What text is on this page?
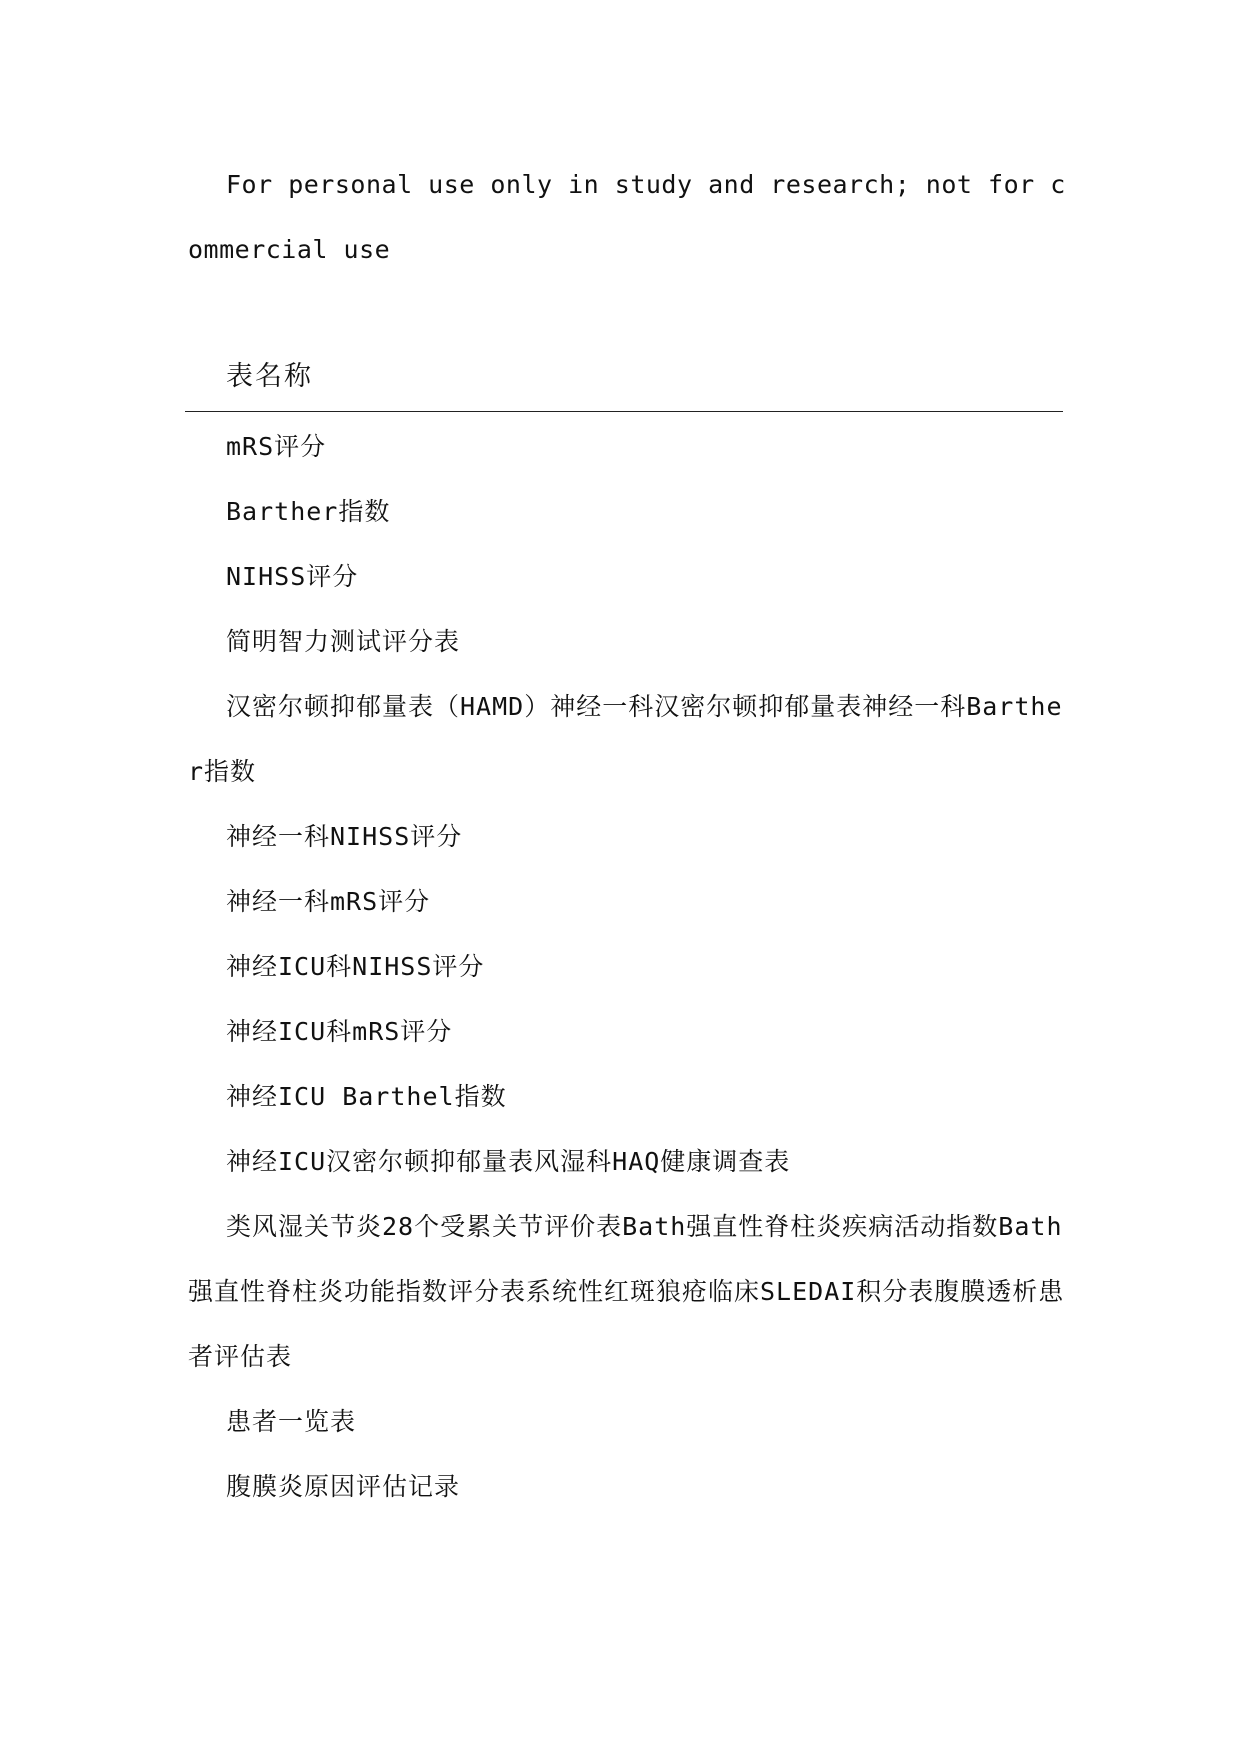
For personal use only in study and research; not for commercial use

表名称

mRS评分
Barther指数
NIHSS评分
简明智力测试评分表
汉密尔顿抑郁量表（HAMD）神经一科汉密尔顿抑郁量表神经一科Barther指数
神经一科NIHSS评分
神经一科mRS评分
神经ICU科NIHSS评分
神经ICU科mRS评分
神经ICU Barthel指数
神经ICU汉密尔顿抑郁量表风湿科HAQ健康调查表
类风湿关节炎28个受累关节评价表Bath强直性脊柱炎疾病活动指数Bath强直性脊柱炎功能指数评分表系统性红斑狼疮临床SLEDAI积分表腹膜透析患者评估表
患者一览表
腹膜炎原因评估记录
